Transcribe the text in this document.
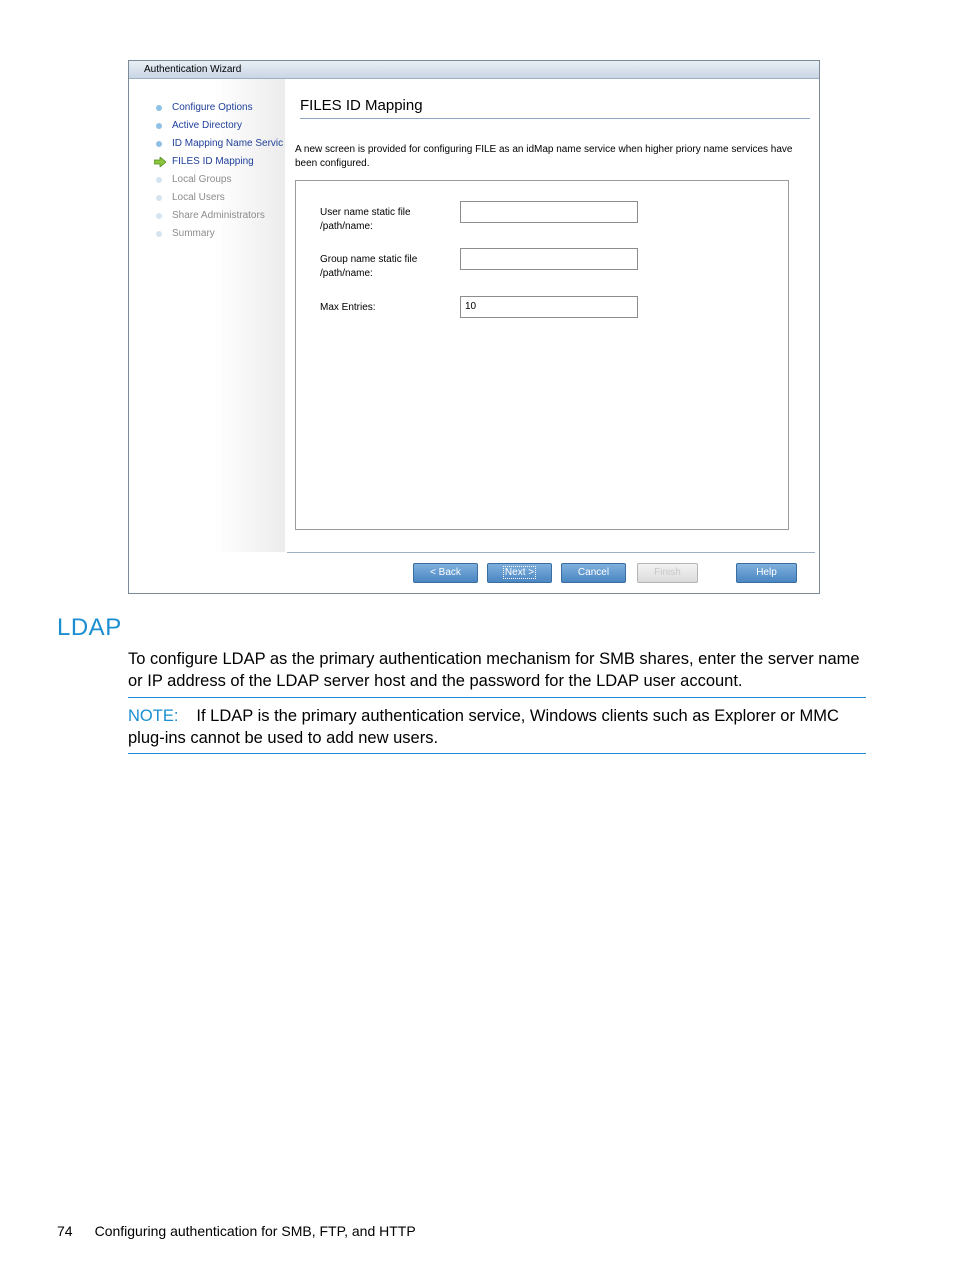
Authentication Wizard
Configure Options
Active Directory
ID Mapping Name Servic
FILES ID Mapping
Local Groups
Local Users
Share Administrators
Summary
FILES ID Mapping
A new screen is provided for configuring FILE as an idMap name service when higher priory name services have been configured.
User name static file
/path/name:
Group name static file
/path/name:
Max Entries:	10
< Back	Next >	Cancel	Finish	Help
LDAP

To configure LDAP as the primary authentication mechanism for SMB shares, enter the server name or IP address of the LDAP server host and the password for the LDAP user account.

NOTE: If LDAP is the primary authentication service, Windows clients such as Explorer or MMC plug-ins cannot be used to add new users.

74 Configuring authentication for SMB, FTP, and HTTP
